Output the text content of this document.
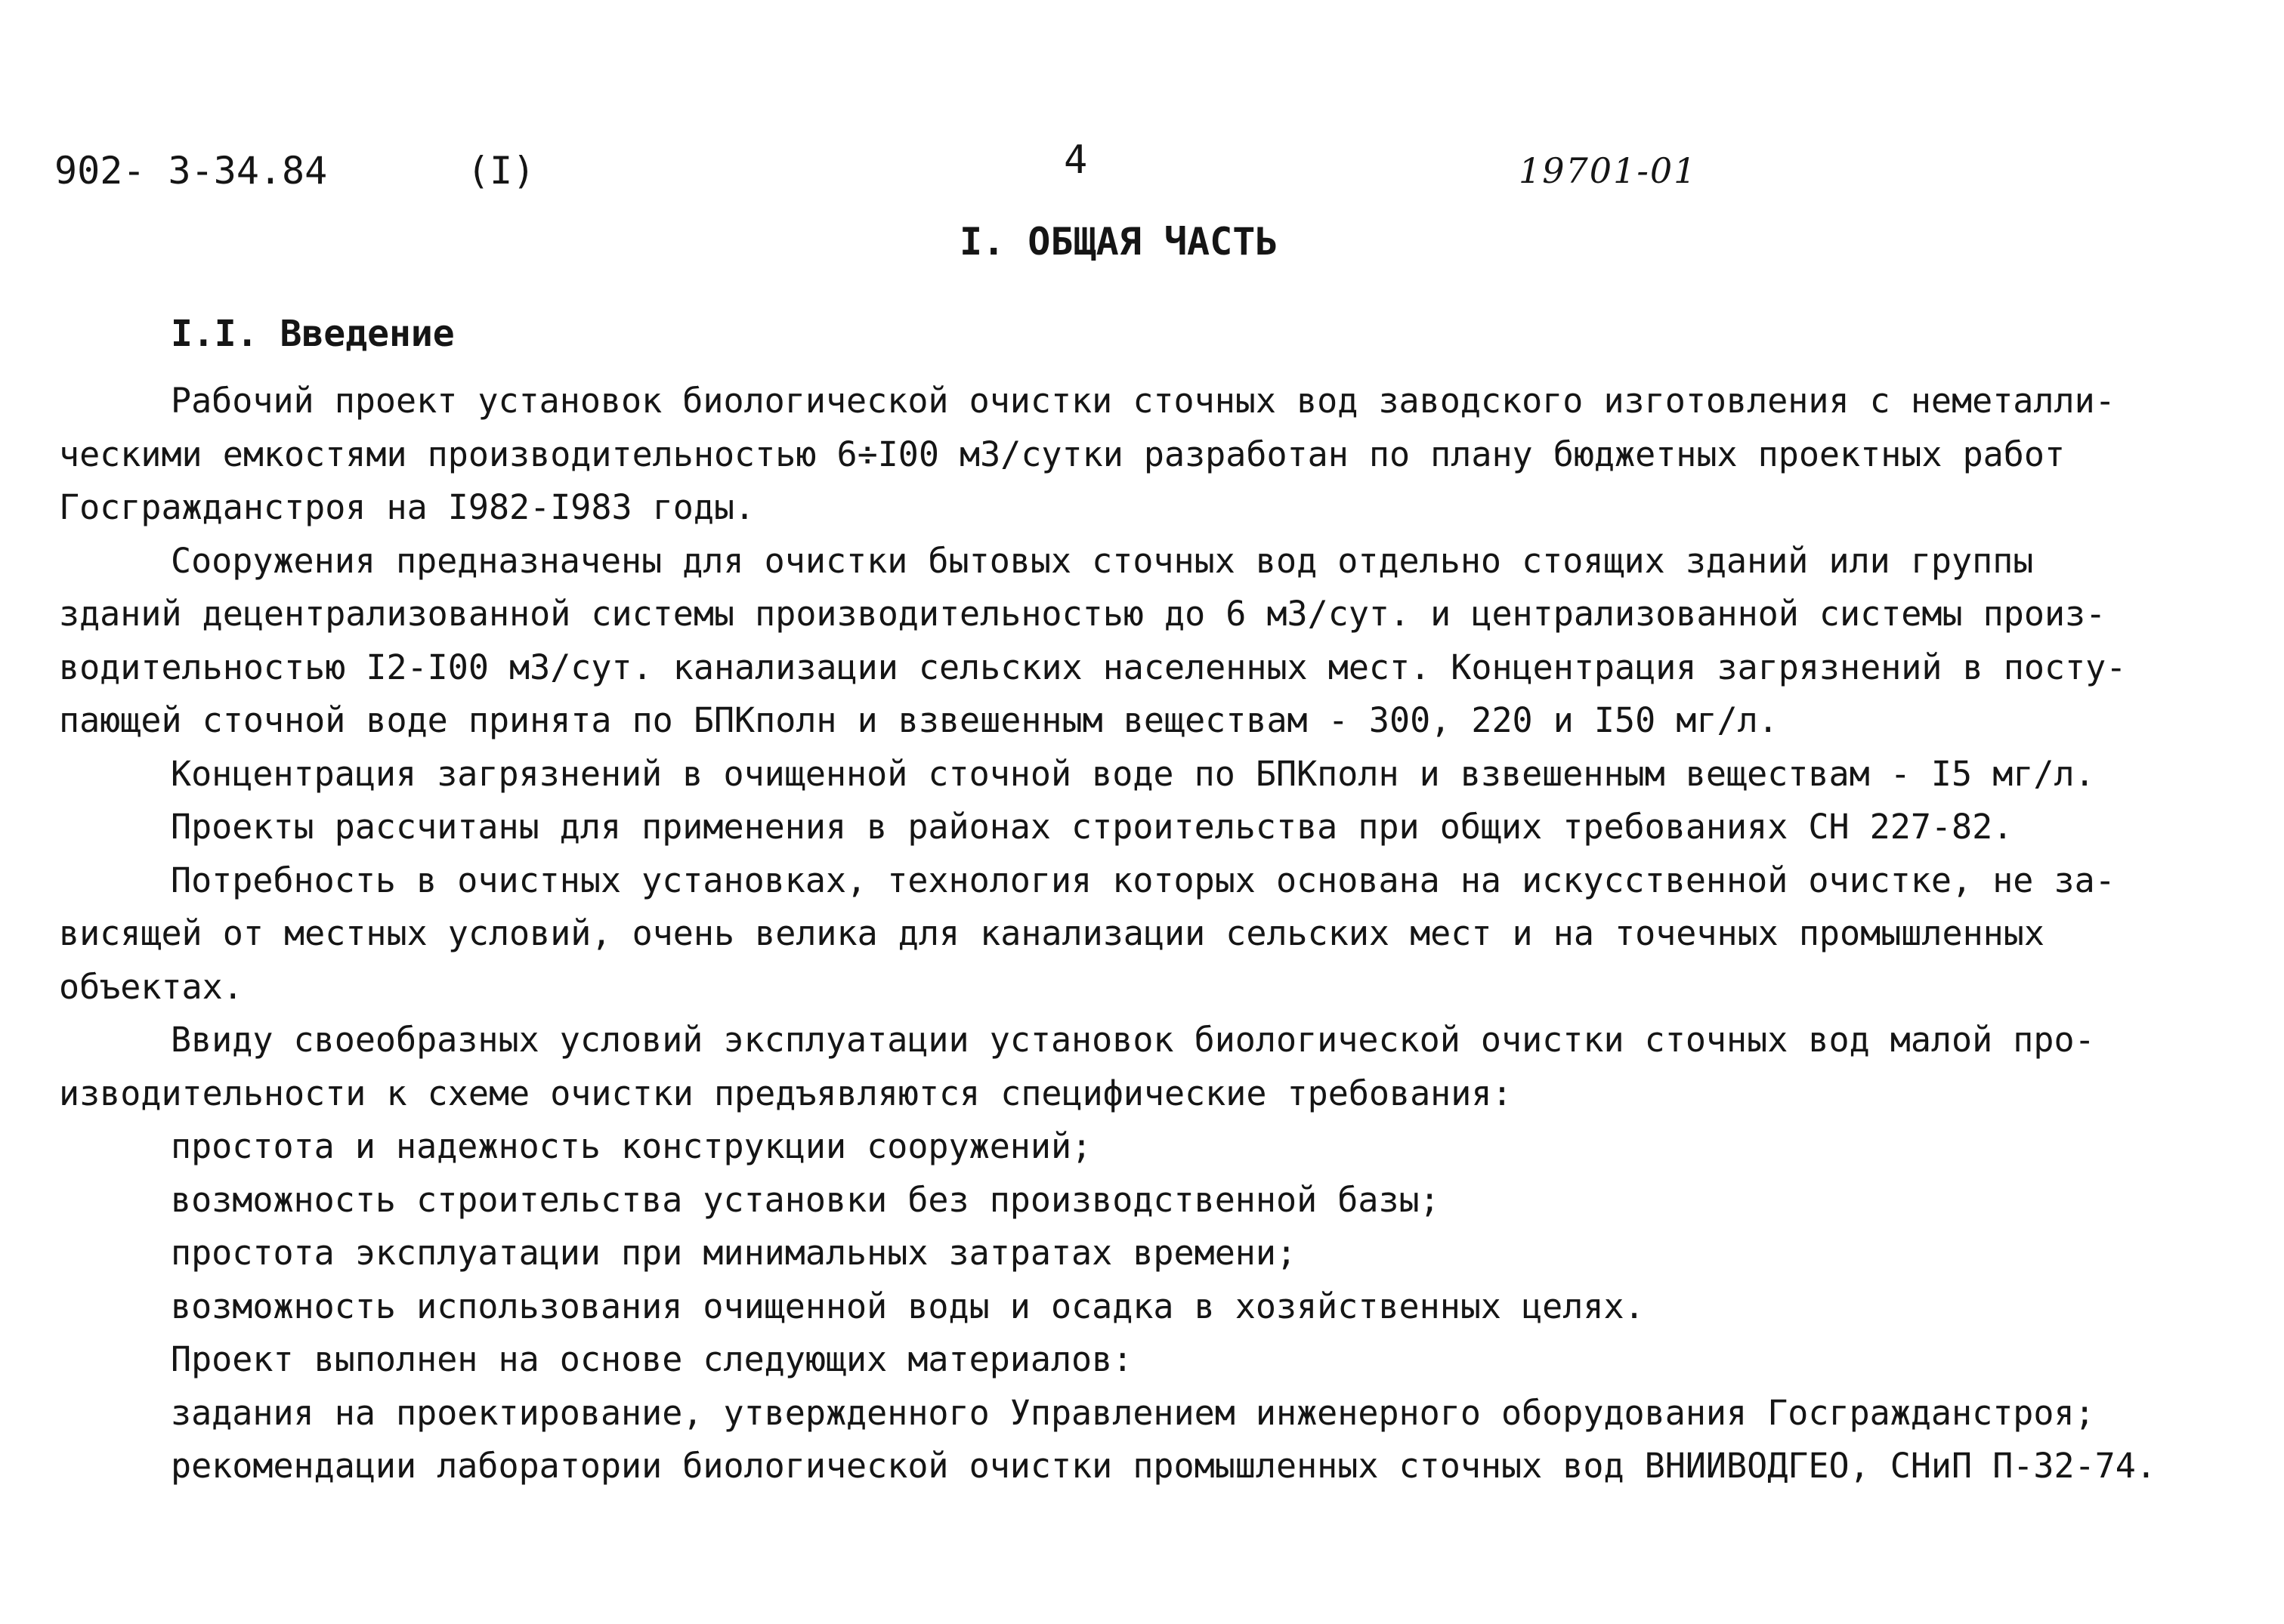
902- 3-34.84	(I)	4	19701-01
I. ОБЩАЯ ЧАСТЬ
I.I. Введение
Рабочий проект установок биологической очистки сточных вод заводского изготовления с неметалли-
ческими емкостями производительностью 6÷I00 м3/сутки разработан по плану бюджетных проектных работ
Госгражданстроя на I982-I983 годы.
Сооружения предназначены для очистки бытовых сточных вод отдельно стоящих зданий или группы
зданий децентрализованной системы производительностью до 6 м3/сут. и централизованной системы произ-
водительностью I2-I00 м3/сут. канализации сельских населенных мест. Концентрация загрязнений в посту-
пающей сточной воде принята по БПКполн и взвешенным веществам - 300, 220 и I50 мг/л.
Концентрация загрязнений в очищенной сточной воде по БПКполн и взвешенным веществам - I5 мг/л.
Проекты рассчитаны для применения в районах строительства при общих требованиях СН 227-82.
Потребность в очистных установках, технология которых основана на искусственной очистке, не за-
висящей от местных условий, очень велика для канализации сельских мест и на точечных промышленных
объектах.
Ввиду своеобразных условий эксплуатации установок биологической очистки сточных вод малой про-
изводительности к схеме очистки предъявляются специфические требования:
простота и надежность конструкции сооружений;
возможность строительства установки без производственной базы;
простота эксплуатации при минимальных затратах времени;
возможность использования очищенной воды и осадка в хозяйственных целях.
Проект выполнен на основе следующих материалов:
задания на проектирование, утвержденного Управлением инженерного оборудования Госгражданстроя;
рекомендации лаборатории биологической очистки промышленных сточных вод ВНИИВОДГЕО, СНиП П-32-74.
